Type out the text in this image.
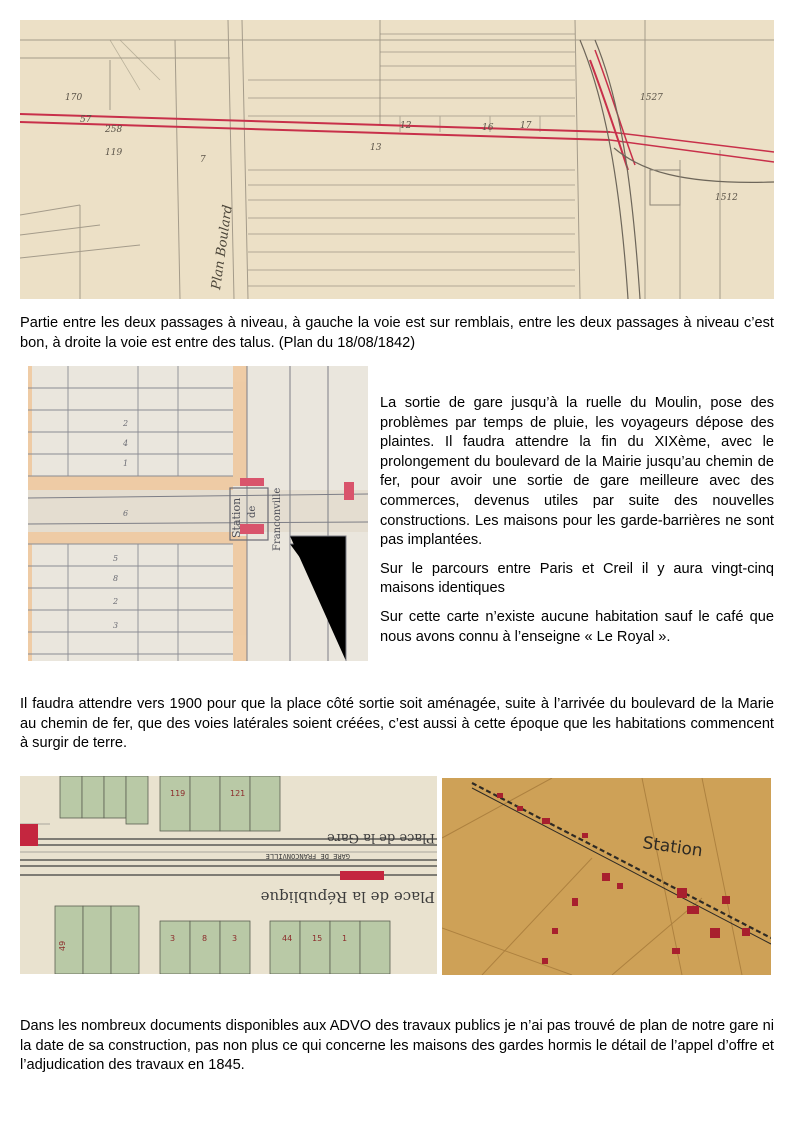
170
57
258
119
7
13
12	16	17
1527
1512
Plan Boulard

Partie entre les deux passages à niveau, à gauche la voie est sur remblais, entre les deux passages à niveau c’est bon, à droite la voie est entre des talus. (Plan du 18/08/1842)

Station de Franconville
2
4
1
5
8
2
3
6

La sortie de gare jusqu’à la ruelle du Moulin, pose des problèmes par temps de pluie, les voyageurs dépose des plaintes. Il faudra attendre la fin du XIXème, avec le prolongement du boulevard de la Mairie jusqu’au chemin de fer, pour avoir une sortie de gare meilleure avec des commerces, devenus utiles par suite des nouvelles constructions. Les maisons pour les garde-barrières ne sont pas implantées.

Sur le parcours entre Paris et Creil il y aura vingt-cinq maisons identiques

Sur cette carte n’existe aucune habitation sauf le café que nous avons connu à l’enseigne « Le Royal ».

Il faudra attendre vers 1900 pour que la place côté sortie soit aménagée, suite à l’arrivée du boulevard de la Marie au chemin de fer, que des voies latérales soient créées, c’est aussi à cette époque que les habitations commencent à surgir de terre.

Place de la Gare
GARE DE FRANCONVILLE
Place de la République
49
3	8	3	44 15 1
119	121
Station

Dans les nombreux documents disponibles aux ADVO des travaux publics je n’ai pas trouvé de plan de notre gare ni la date de sa construction, pas non plus ce qui concerne les maisons des gardes hormis le détail de l’appel d’offre et l’adjudication des travaux en 1845.
